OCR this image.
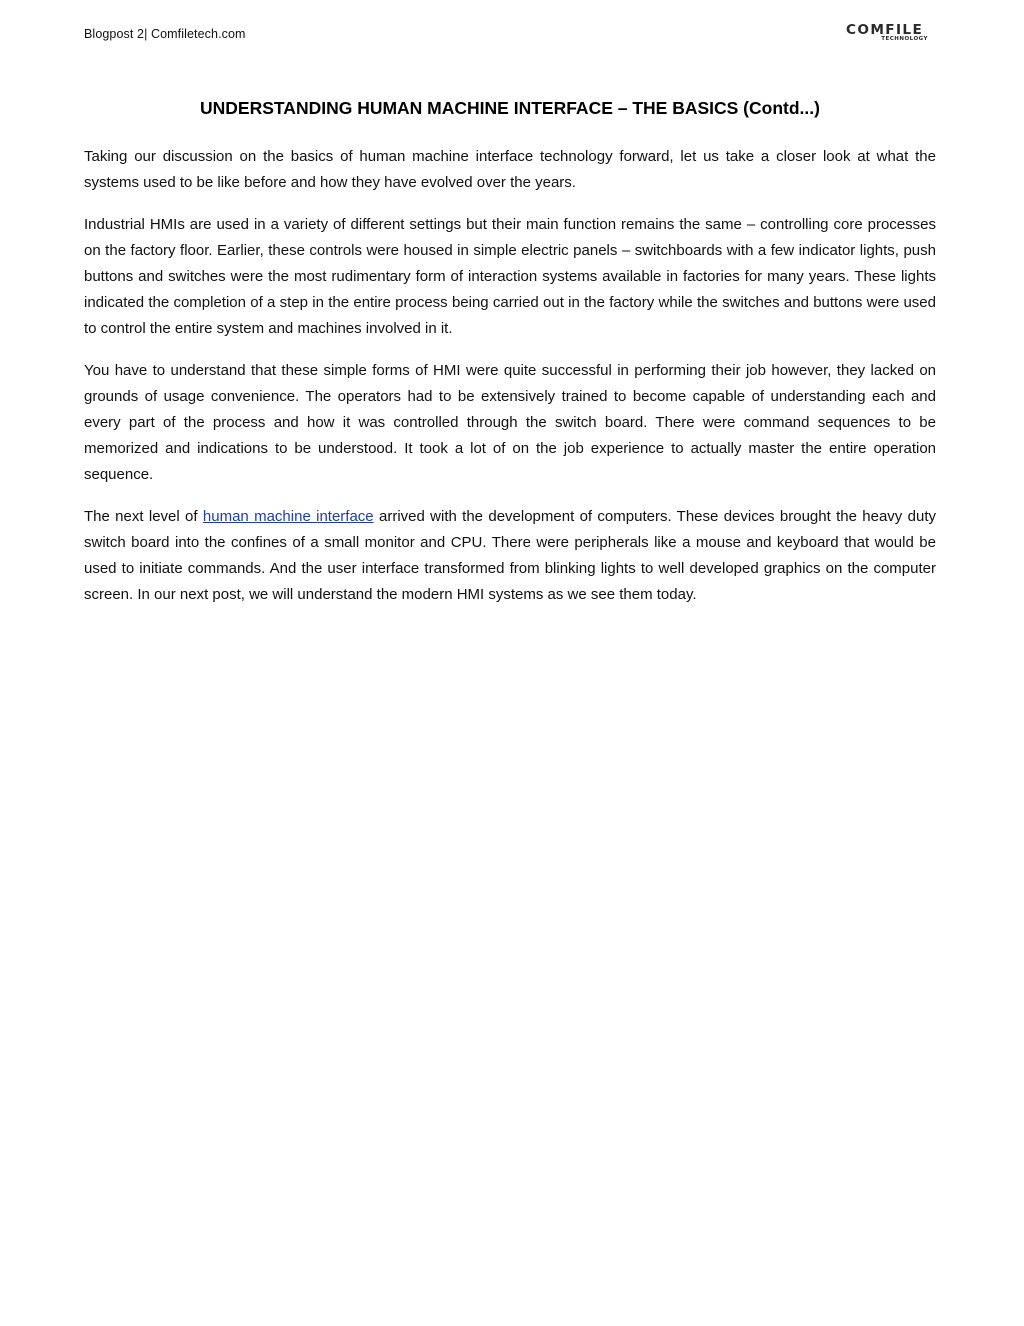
Blogpost 2| Comfiletech.com	COMFILE
TECHNOLOGY
UNDERSTANDING HUMAN MACHINE INTERFACE – THE BASICS (Contd...)

Taking our discussion on the basics of human machine interface technology forward, let us take a closer look at what the systems used to be like before and how they have evolved over the years.

Industrial HMIs are used in a variety of different settings but their main function remains the same – controlling core processes on the factory floor. Earlier, these controls were housed in simple electric panels – switchboards with a few indicator lights, push buttons and switches were the most rudimentary form of interaction systems available in factories for many years. These lights indicated the completion of a step in the entire process being carried out in the factory while the switches and buttons were used to control the entire system and machines involved in it.

You have to understand that these simple forms of HMI were quite successful in performing their job however, they lacked on grounds of usage convenience. The operators had to be extensively trained to become capable of understanding each and every part of the process and how it was controlled through the switch board. There were command sequences to be memorized and indications to be understood. It took a lot of on the job experience to actually master the entire operation sequence.

The next level of human machine interface arrived with the development of computers. These devices brought the heavy duty switch board into the confines of a small monitor and CPU. There were peripherals like a mouse and keyboard that would be used to initiate commands. And the user interface transformed from blinking lights to well developed graphics on the computer screen. In our next post, we will understand the modern HMI systems as we see them today.
